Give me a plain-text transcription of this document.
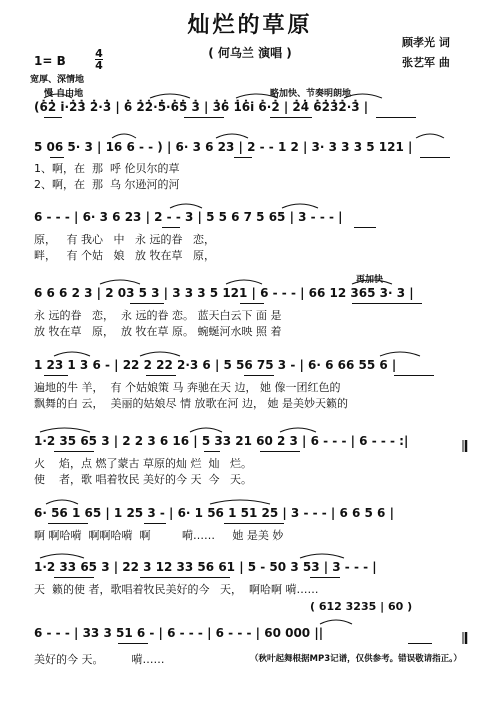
灿烂的草原
( 何乌兰 演唱 )
顾孝光 词
张艺军 曲
1= B
4
4
宽厚、深情地
慢 自由地	略加快、节奏明朗地
再加快
(6̇2̇ i·2̇3̇ 2̇·3̇ | 6̇ 2̇2̇·5̇·6̇5̇ 3̇ | 3̇6̇ 1̇6̇i 6̇·2̇ | 2̇4̇ 6̇2̇3̇2̇·3̇ |
5 06 5· 3 | 16 6 - - ) | 6· 3 6 23 | 2 - - 1 2 | 3· 3 3 3 5 121 |
1、啊，在  那  呼 伦贝尔的草
2、啊，在  那  乌 尔逊河的河
6 - - - | 6· 3 6 23 | 2 - - 3 | 5 5 6 7 5 65 | 3 - - - |
原，   有 我心   中   永 远的眷   恋，
畔，   有 个姑   娘   放 牧在草   原，
6 6 6 2 3 | 2 03 5 3 | 3 3 3 5 121 | 6 - - - | 66 12 365 3· 3 |
永 远的眷   恋，  永 远的眷 恋。 蓝天白云下 面 是
放 牧在草   原，  放 牧在草 原。 蜿蜒河水映 照 着
1 23 1 3 6 - | 22 2 22 2·3 6 | 5 56 75 3 - | 6· 6 66 55 6 |
遍地的牛 羊，  有 个姑娘策 马 奔驰在天 边， 她 像一团红色的
飘舞的白 云，  美丽的姑娘尽 情 放歌在河 边， 她 是美妙天籁的
1·2 35 65 3 | 2 2 3 6 16 | 5 33 21 60 2 3 | 6 - - - | 6 - - - :|
火    焰，点 燃了蒙古 草原的灿 烂  灿   烂。
使    者，歌 唱着牧民 美好的今 天  今   天。
6· 56 1 65 | 1 25 3 - | 6· 1 56 1 51 25 | 3 - - - | 6 6 5 6 |
啊 啊哈嗬  啊啊哈嗬  啊         嗬……     她 是美 妙
1·2 33 65 3 | 22 3 12 33 56 61 | 5 - 50 3 53 | 3 - - - |
天  籁的使 者，歌唱着牧民美好的今   天，  啊哈啊 嗬……
( 612 3235 | 60 )
6 - - - | 33 3 51 6 - | 6 - - - | 6 - - - | 60 000 ||
美好的今 天。        嗬……	（秋叶起舞根据MP3记谱，仅供参考。错误敬请指正。）
